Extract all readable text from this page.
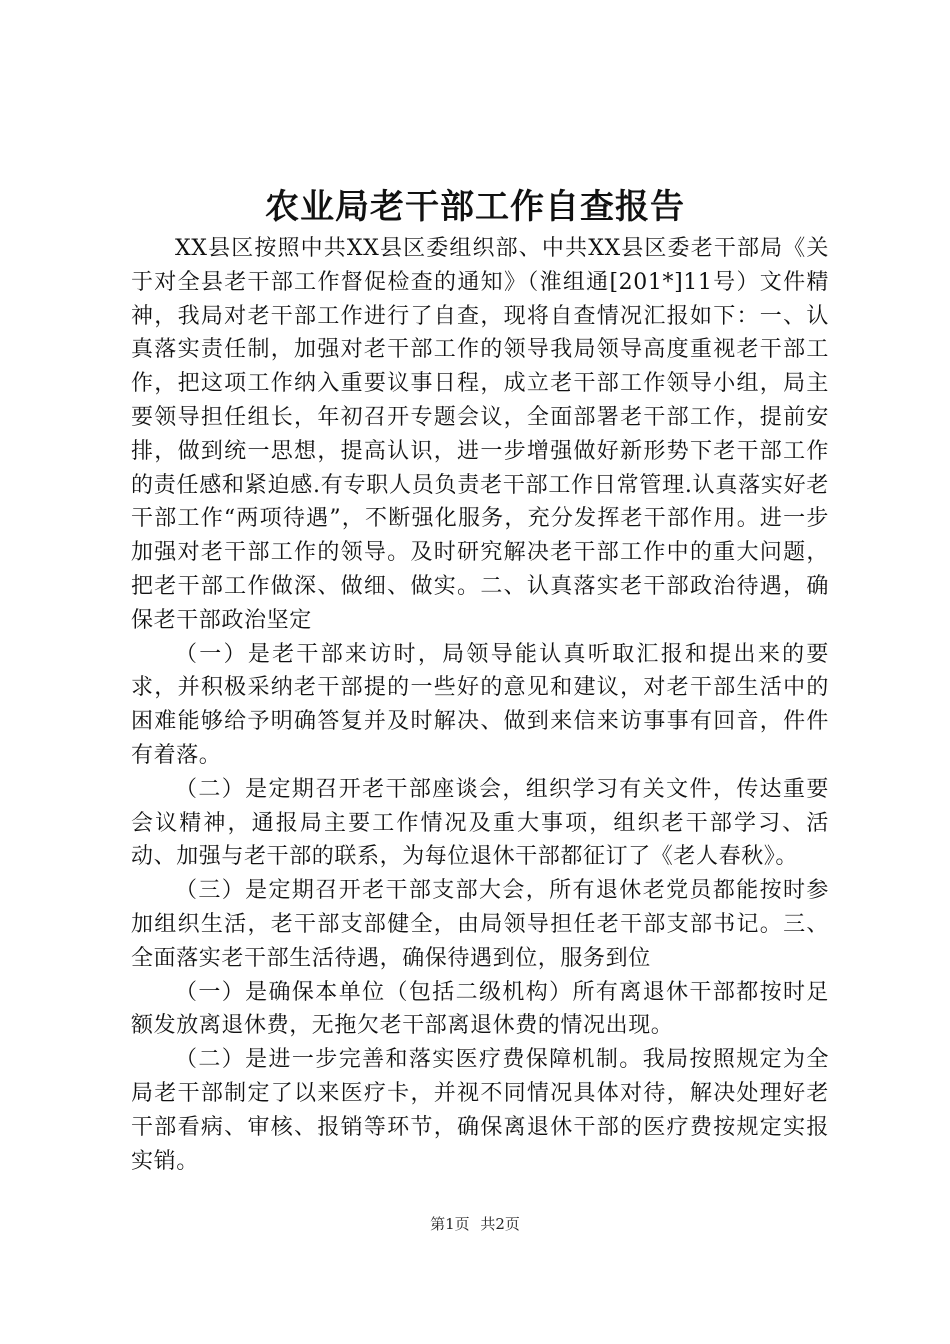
农业局老干部工作自查报告

XX县区按照中共XX县区委组织部、中共XX县区委老干部局《关于对全县老干部工作督促检查的通知》（淮组通[201*]11号）文件精神，我局对老干部工作进行了自查，现将自查情况汇报如下：一、认真落实责任制，加强对老干部工作的领导我局领导高度重视老干部工作，把这项工作纳入重要议事日程，成立老干部工作领导小组，局主要领导担任组长，年初召开专题会议，全面部署老干部工作，提前安排，做到统一思想，提高认识，进一步增强做好新形势下老干部工作的责任感和紧迫感.有专职人员负责老干部工作日常管理.认真落实好老干部工作“两项待遇”，不断强化服务，充分发挥老干部作用。进一步加强对老干部工作的领导。及时研究解决老干部工作中的重大问题，把老干部工作做深、做细、做实。二、认真落实老干部政治待遇，确保老干部政治坚定

（一）是老干部来访时，局领导能认真听取汇报和提出来的要求，并积极采纳老干部提的一些好的意见和建议，对老干部生活中的困难能够给予明确答复并及时解决、做到来信来访事事有回音，件件有着落。

（二）是定期召开老干部座谈会，组织学习有关文件，传达重要会议精神，通报局主要工作情况及重大事项，组织老干部学习、活动、加强与老干部的联系，为每位退休干部都征订了《老人春秋》。

（三）是定期召开老干部支部大会，所有退休老党员都能按时参加组织生活，老干部支部健全，由局领导担任老干部支部书记。三、全面落实老干部生活待遇，确保待遇到位，服务到位

（一）是确保本单位（包括二级机构）所有离退休干部都按时足额发放离退休费，无拖欠老干部离退休费的情况出现。

（二）是进一步完善和落实医疗费保障机制。我局按照规定为全局老干部制定了以来医疗卡，并视不同情况具体对待，解决处理好老干部看病、审核、报销等环节，确保离退休干部的医疗费按规定实报实销。

第1页 共2页
